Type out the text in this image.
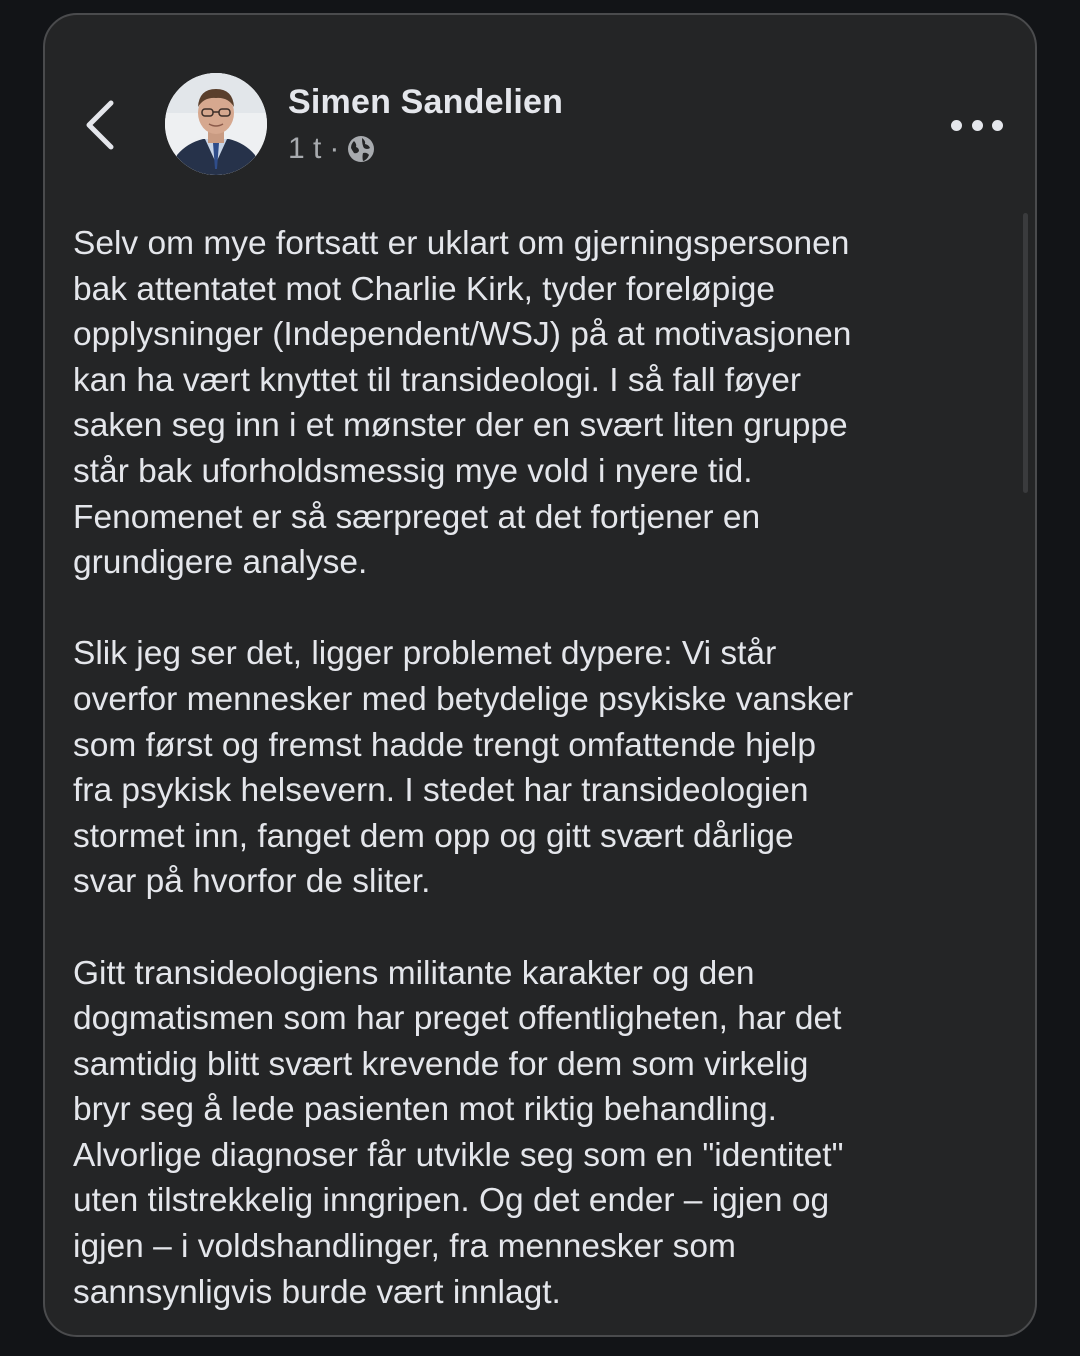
Simen Sandelien
1 t ·

Selv om mye fortsatt er uklart om gjerningspersonen
bak attentatet mot Charlie Kirk, tyder foreløpige
opplysninger (Independent/WSJ) på at motivasjonen
kan ha vært knyttet til transideologi. I så fall føyer
saken seg inn i et mønster der en svært liten gruppe
står bak uforholdsmessig mye vold i nyere tid.
Fenomenet er så særpreget at det fortjener en
grundigere analyse.

Slik jeg ser det, ligger problemet dypere: Vi står
overfor mennesker med betydelige psykiske vansker
som først og fremst hadde trengt omfattende hjelp
fra psykisk helsevern. I stedet har transideologien
stormet inn, fanget dem opp og gitt svært dårlige
svar på hvorfor de sliter.

Gitt transideologiens militante karakter og den
dogmatismen som har preget offentligheten, har det
samtidig blitt svært krevende for dem som virkelig
bryr seg å lede pasienten mot riktig behandling.
Alvorlige diagnoser får utvikle seg som en "identitet"
uten tilstrekkelig inngripen. Og det ender – igjen og
igjen – i voldshandlinger, fra mennesker som
sannsynligvis burde vært innlagt.
